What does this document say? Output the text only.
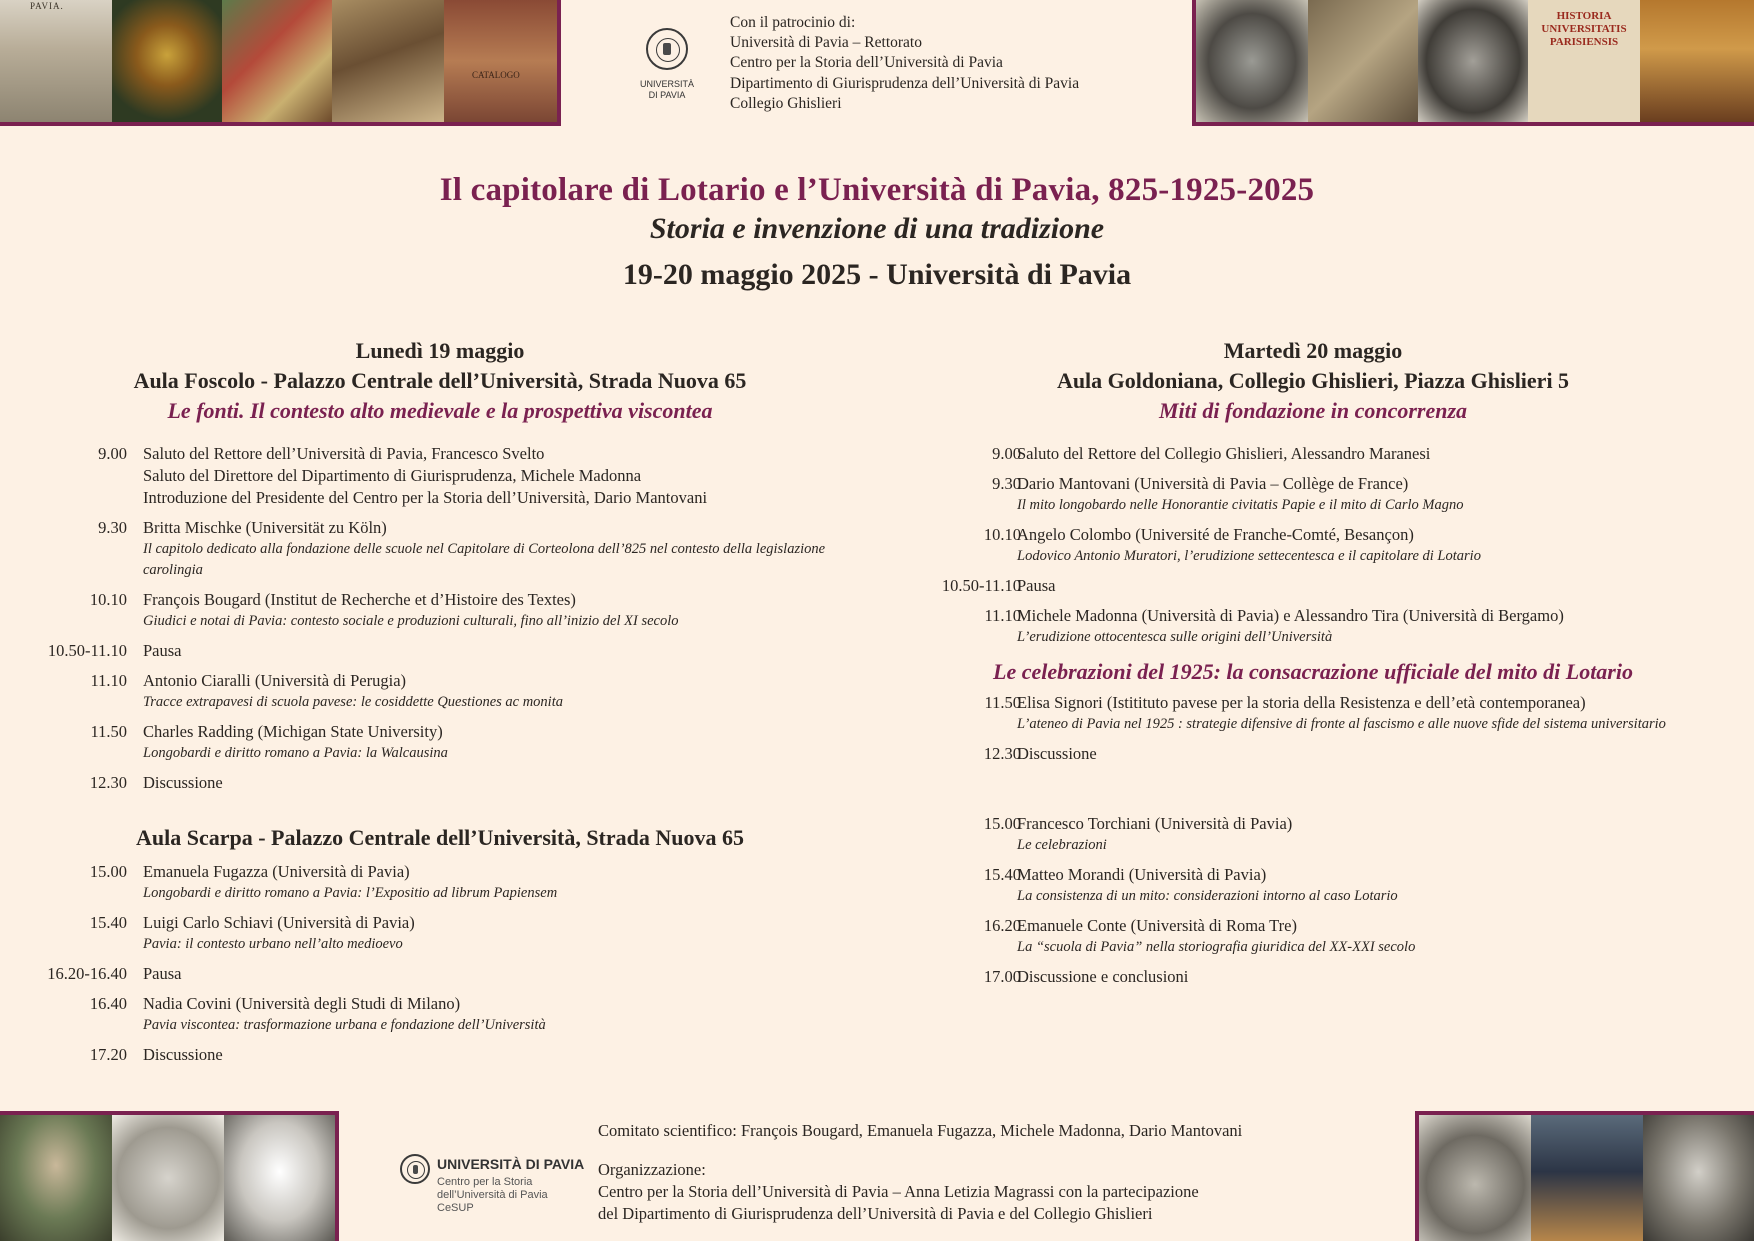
PAVIA.
CATALOGO
HISTORIA UNIVERSITATIS PARISIENSIS
UNIVERSITÀ DI PAVIA
Con il patrocinio di:
Università di Pavia – Rettorato
Centro per la Storia dell’Università di Pavia
Dipartimento di Giurisprudenza dell’Università di Pavia
Collegio Ghislieri
Il capitolare di Lotario e l’Università di Pavia, 825-1925-2025
Storia e invenzione di una tradizione
19-20 maggio 2025 - Università di Pavia
Lunedì 19 maggio
Aula Foscolo - Palazzo Centrale dell’Università, Strada Nuova 65
Le fonti. Il contesto alto medievale e la prospettiva viscontea
Martedì 20 maggio
Aula Goldoniana, Collegio Ghislieri, Piazza Ghislieri 5
Miti di fondazione in concorrenza
9.00 Saluto del Rettore dell’Università di Pavia, Francesco Svelto
Saluto del Direttore del Dipartimento di Giurisprudenza, Michele Madonna
Introduzione del Presidente del Centro per la Storia dell’Università, Dario Mantovani
9.30 Britta Mischke (Universität zu Köln)
Il capitolo dedicato alla fondazione delle scuole nel Capitolare di Corteolona dell’825 nel contesto della legislazione carolingia
10.10 François Bougard (Institut de Recherche et d’Histoire des Textes)
Giudici e notai di Pavia: contesto sociale e produzioni culturali, fino all’inizio del XI secolo
10.50-11.10 Pausa
11.10 Antonio Ciaralli (Università di Perugia)
Tracce extrapavesi di scuola pavese: le cosiddette Questiones ac monita
11.50 Charles Radding (Michigan State University)
Longobardi e diritto romano a Pavia: la Walcausina
12.30 Discussione
Aula Scarpa - Palazzo Centrale dell’Università, Strada Nuova 65
15.00 Emanuela Fugazza (Università di Pavia)
Longobardi e diritto romano a Pavia: l’Expositio ad librum Papiensem
15.40 Luigi Carlo Schiavi (Università di Pavia)
Pavia: il contesto urbano nell’alto medioevo
16.20-16.40 Pausa
16.40 Nadia Covini (Università degli Studi di Milano)
Pavia viscontea: trasformazione urbana e fondazione dell’Università
17.20 Discussione
9.00
Saluto del Rettore del Collegio Ghislieri, Alessandro Maranesi
9.30
Dario Mantovani (Università di Pavia – Collège de France)
Il mito longobardo nelle Honorantie civitatis Papie e il mito di Carlo Magno
10.10
Angelo Colombo (Université de Franche-Comté, Besançon)
Lodovico Antonio Muratori, l’erudizione settecentesca e il capitolare di Lotario
10.50-11.10
Pausa
11.10
Michele Madonna (Università di Pavia) e Alessandro Tira (Università di Bergamo)
L’erudizione ottocentesca sulle origini dell’Università
Le celebrazioni del 1925: la consacrazione ufficiale del mito di Lotario
11.50
Elisa Signori (Istitituto pavese per la storia della Resistenza e dell’età contemporanea)
L’ateneo di Pavia nel 1925 : strategie difensive di fronte al fascismo e alle nuove sfide del sistema universitario
12.30
Discussione
15.00
Francesco Torchiani (Università di Pavia)
Le celebrazioni
15.40
Matteo Morandi (Università di Pavia)
La consistenza di un mito: considerazioni intorno al caso Lotario
16.20
Emanuele Conte (Università di Roma Tre)
La “scuola di Pavia” nella storiografia giuridica del XX-XXI secolo
17.00
Discussione e conclusioni
UNIVERSITÀ DI PAVIA
Centro per la Storia
dell’Università di Pavia
CeSUP
Comitato scientifico: François Bougard, Emanuela Fugazza, Michele Madonna, Dario Mantovani
Organizzazione:
Centro per la Storia dell’Università di Pavia – Anna Letizia Magrassi con la partecipazione
del Dipartimento di Giurisprudenza dell’Università di Pavia e del Collegio Ghislieri
